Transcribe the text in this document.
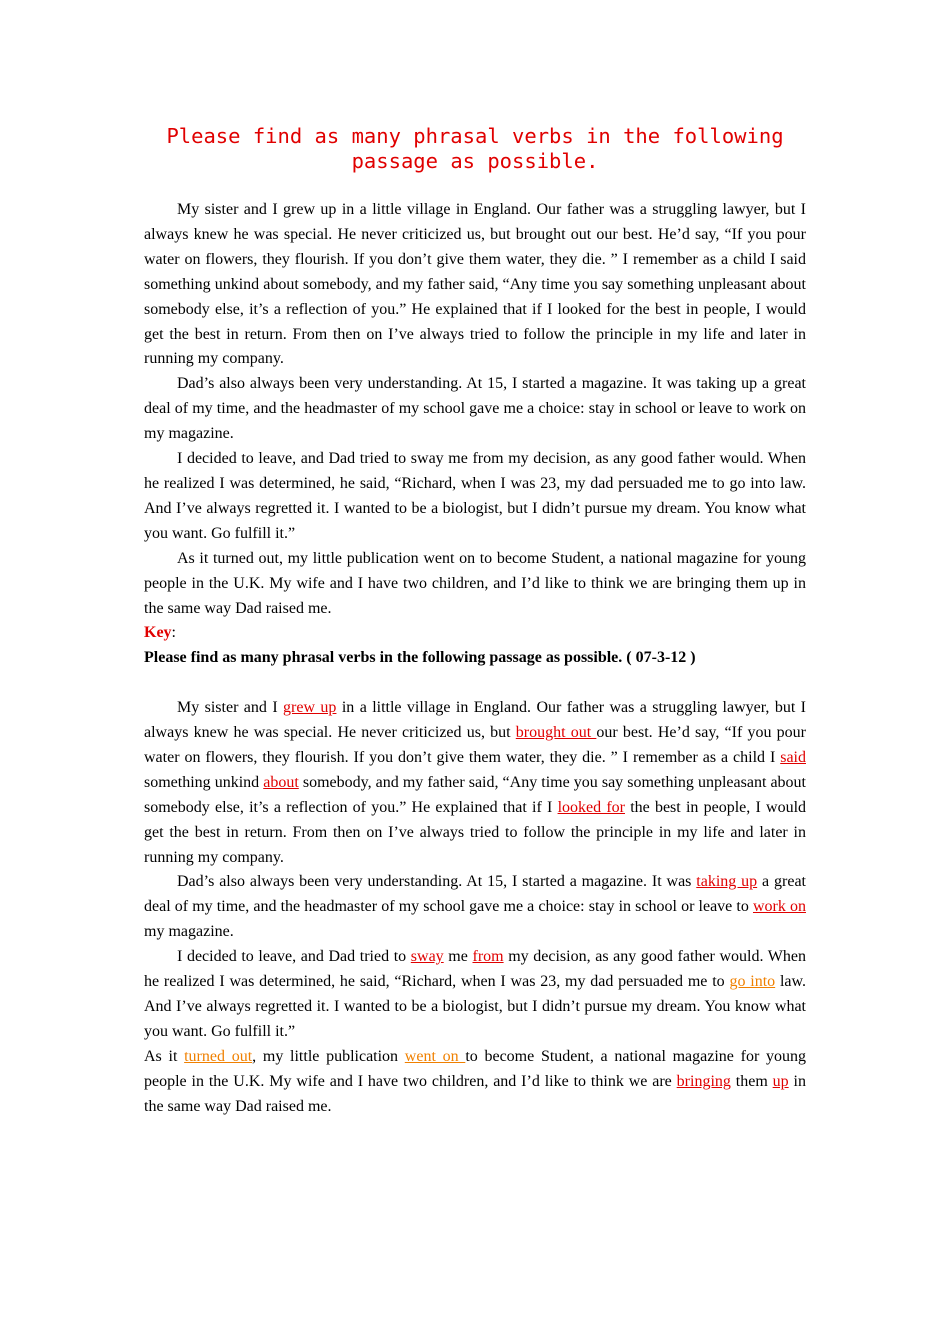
Please find as many phrasal verbs in the following passage as possible.

My sister and I grew up in a little village in England. Our father was a struggling lawyer, but I always knew he was special. He never criticized us, but brought out our best. He’d say, “If you pour water on flowers, they flourish. If you don’t give them water, they die. ” I remember as a child I said something unkind about somebody, and my father said, “Any time you say something unpleasant about somebody else, it’s a reflection of you.” He explained that if I looked for the best in people, I would get the best in return. From then on I’ve always tried to follow the principle in my life and later in running my company.

Dad’s also always been very understanding. At 15, I started a magazine. It was taking up a great deal of my time, and the headmaster of my school gave me a choice: stay in school or leave to work on my magazine.

I decided to leave, and Dad tried to sway me from my decision, as any good father would. When he realized I was determined, he said, “Richard, when I was 23, my dad persuaded me to go into law. And I’ve always regretted it. I wanted to be a biologist, but I didn’t pursue my dream. You know what you want. Go fulfill it.”

As it turned out, my little publication went on to become Student, a national magazine for young people in the U.K. My wife and I have two children, and I’d like to think we are bringing them up in the same way Dad raised me.

Key:

Please find as many phrasal verbs in the following passage as possible. ( 07-3-12 )

My sister and I grew up in a little village in England. Our father was a struggling lawyer, but I always knew he was special. He never criticized us, but brought out our best. He’d say, “If you pour water on flowers, they flourish. If you don’t give them water, they die. ” I remember as a child I said something unkind about somebody, and my father said, “Any time you say something unpleasant about somebody else, it’s a reflection of you.” He explained that if I looked for the best in people, I would get the best in return. From then on I’ve always tried to follow the principle in my life and later in running my company.

Dad’s also always been very understanding. At 15, I started a magazine. It was taking up a great deal of my time, and the headmaster of my school gave me a choice: stay in school or leave to work on my magazine.

I decided to leave, and Dad tried to sway me from my decision, as any good father would. When he realized I was determined, he said, “Richard, when I was 23, my dad persuaded me to go into law. And I’ve always regretted it. I wanted to be a biologist, but I didn’t pursue my dream. You know what you want. Go fulfill it.”

As it turned out, my little publication went on to become Student, a national magazine for young people in the U.K. My wife and I have two children, and I’d like to think we are bringing them up in the same way Dad raised me.
